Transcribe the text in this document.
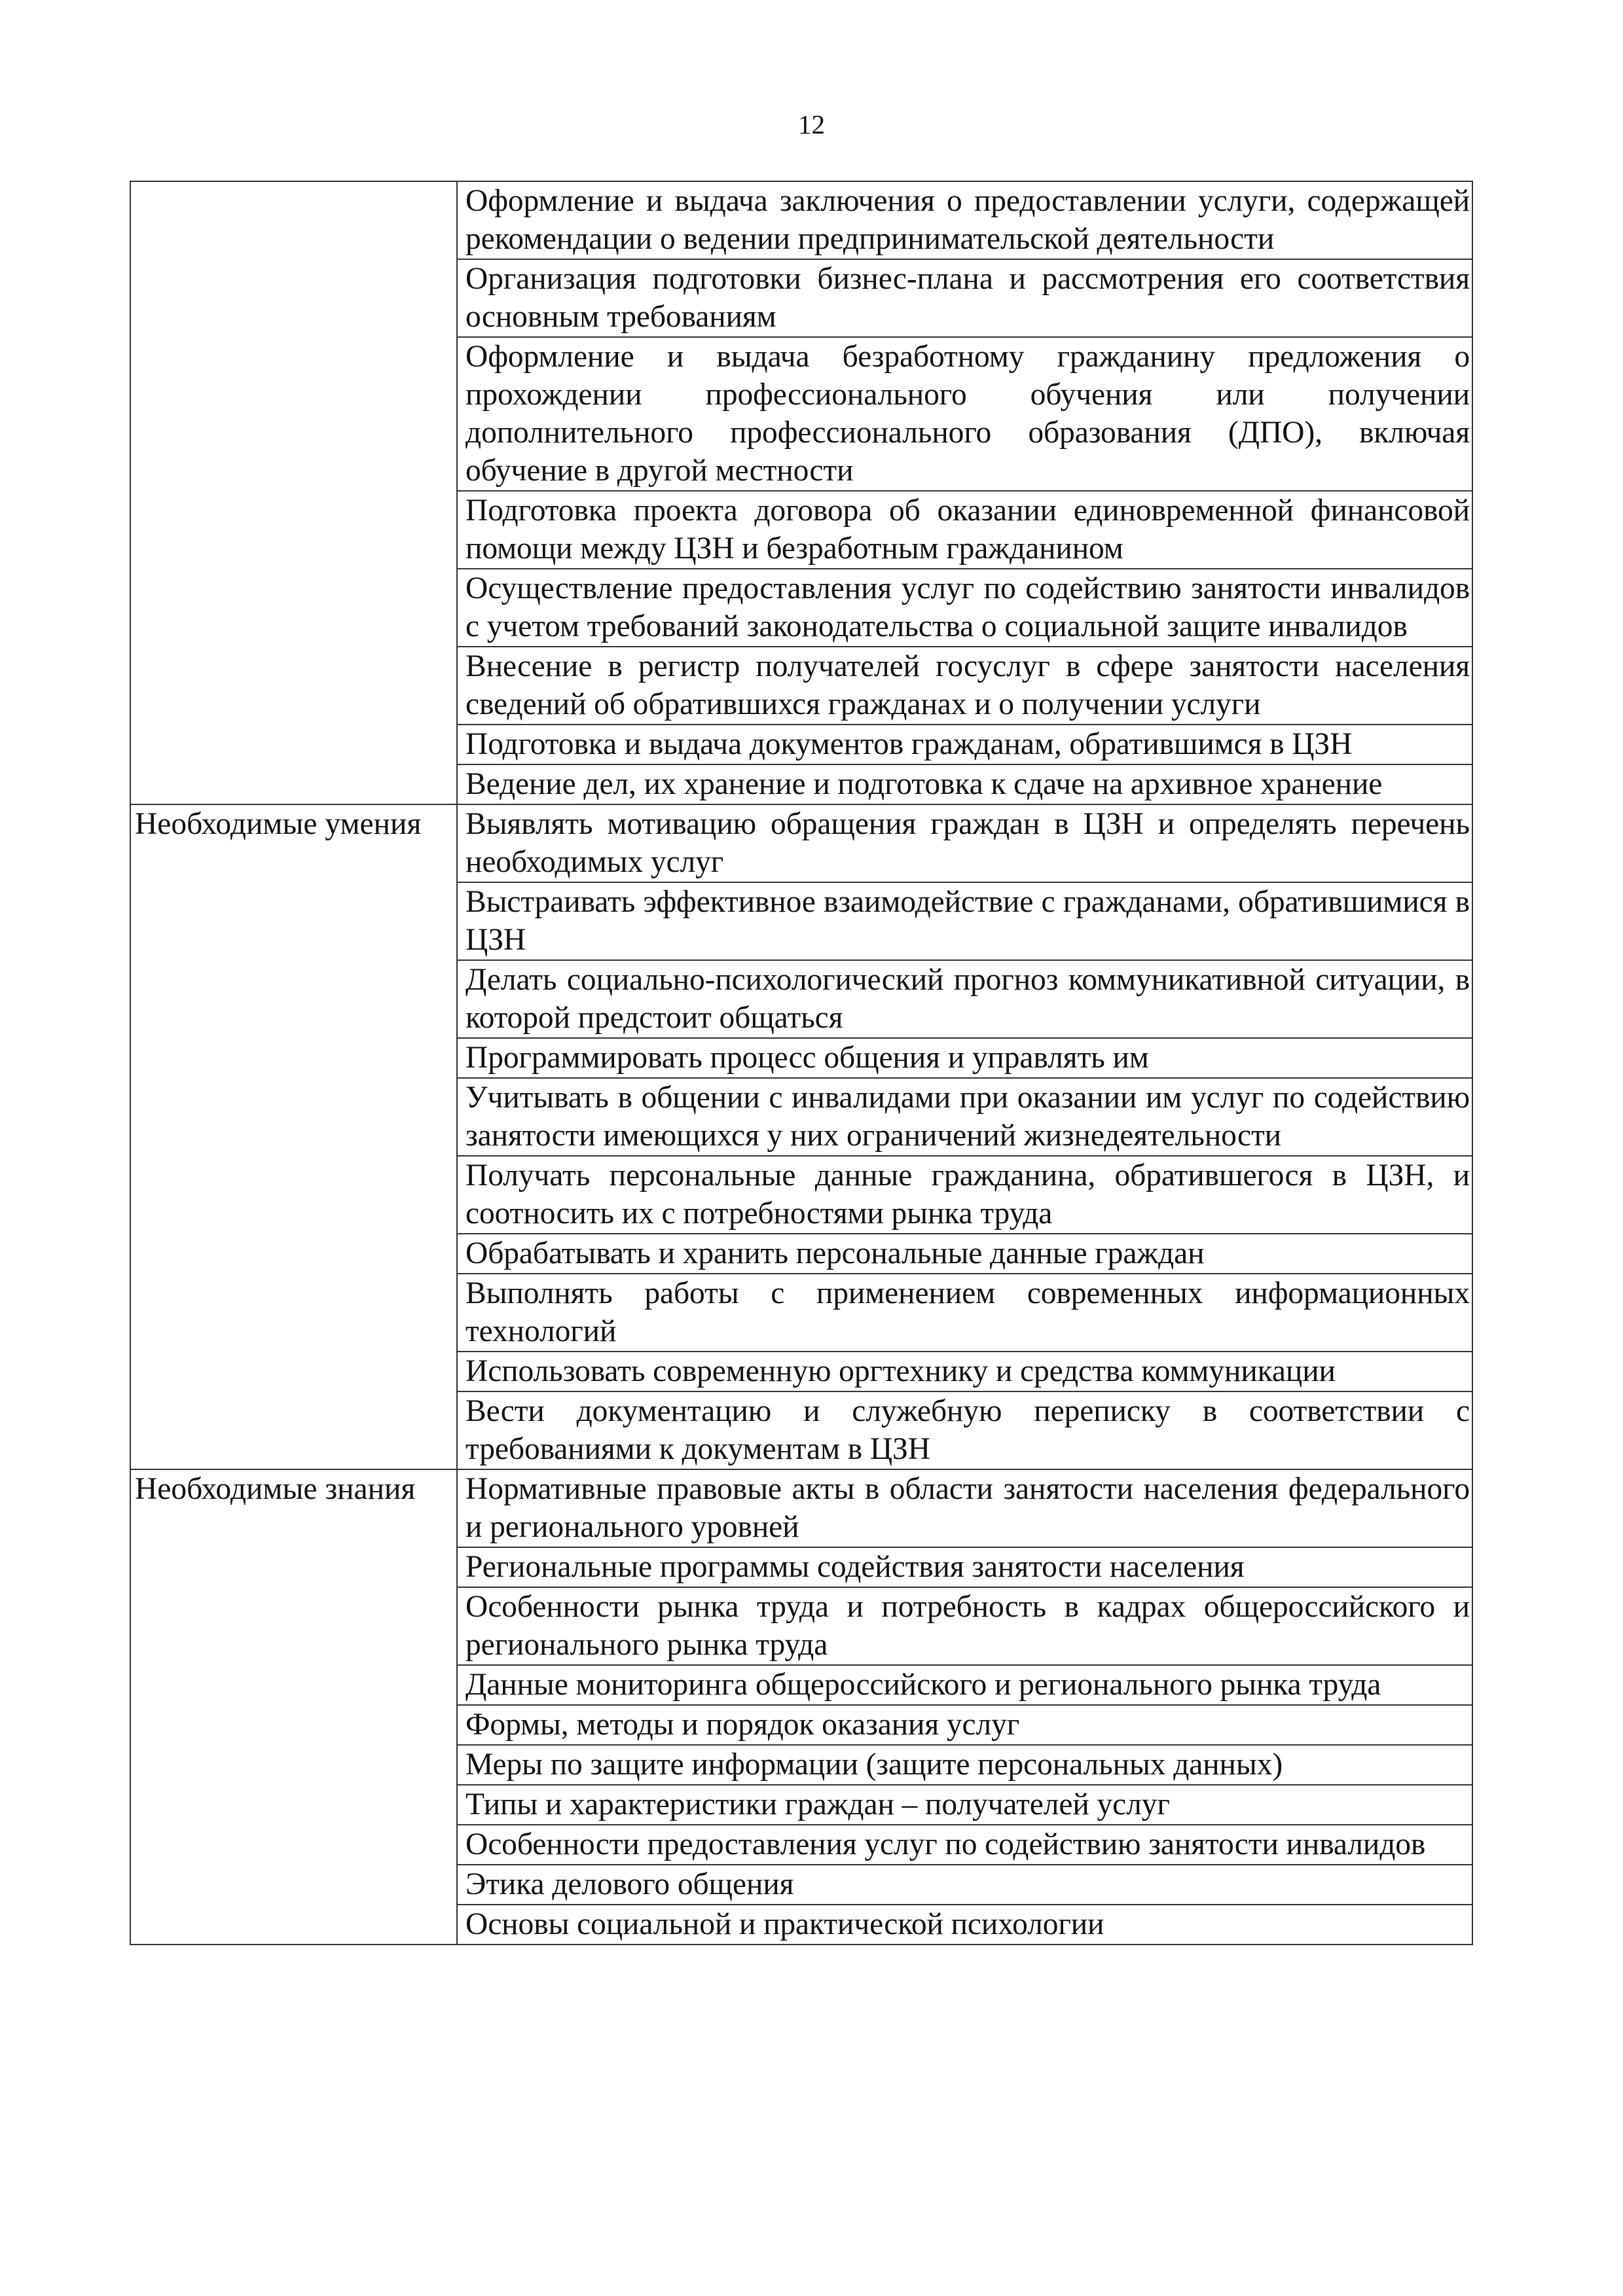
12
	Оформление и выдача заключения о предоставлении услуги, содержащей рекомендации о ведении предпринимательской деятельности
	Организация подготовки бизнес-плана и рассмотрения его соответствия основным требованиям
	Оформление и выдача безработному гражданину предложения о прохождении профессионального обучения или получении дополнительного профессионального образования (ДПО), включая обучение в другой местности
	Подготовка проекта договора об оказании единовременной финансовой помощи между ЦЗН и безработным гражданином
	Осуществление предоставления услуг по содействию занятости инвалидов с учетом требований законодательства о социальной защите инвалидов
	Внесение в регистр получателей госуслуг в сфере занятости населения сведений об обратившихся гражданах и о получении услуги
	Подготовка и выдача документов гражданам, обратившимся в ЦЗН
	Ведение дел, их хранение и подготовка к сдаче на архивное хранение
Необходимые умения	Выявлять мотивацию обращения граждан в ЦЗН и определять перечень необходимых услуг
	Выстраивать эффективное взаимодействие с гражданами, обратившимися в ЦЗН
	Делать социально-психологический прогноз коммуникативной ситуации, в которой предстоит общаться
	Программировать процесс общения и управлять им
	Учитывать в общении с инвалидами при оказании им услуг по содействию занятости имеющихся у них ограничений жизнедеятельности
	Получать персональные данные гражданина, обратившегося в ЦЗН, и соотносить их с потребностями рынка труда
	Обрабатывать и хранить персональные данные граждан
	Выполнять работы с применением современных информационных технологий
	Использовать современную оргтехнику и средства коммуникации
	Вести документацию и служебную переписку в соответствии с требованиями к документам в ЦЗН
Необходимые знания	Нормативные правовые акты в области занятости населения федерального и регионального уровней
	Региональные программы содействия занятости населения
	Особенности рынка труда и потребность в кадрах общероссийского и регионального рынка труда
	Данные мониторинга общероссийского и регионального рынка труда
	Формы, методы и порядок оказания услуг
	Меры по защите информации (защите персональных данных)
	Типы и характеристики граждан – получателей услуг
	Особенности предоставления услуг по содействию занятости инвалидов
	Этика делового общения
	Основы социальной и практической психологии
